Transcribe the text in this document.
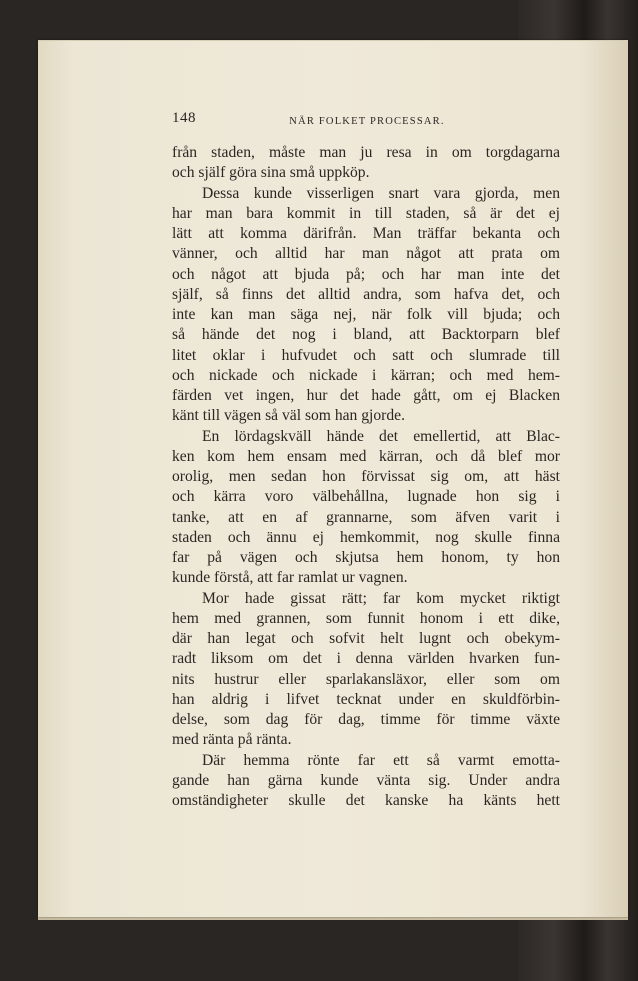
148	NÄR FOLKET PROCESSAR.
från staden, måste man ju resa in om torgdagarna
och själf göra sina små uppköp.
Dessa kunde visserligen snart vara gjorda, men
har man bara kommit in till staden, så är det ej
lätt att komma därifrån. Man träffar bekanta och
vänner, och alltid har man något att prata om
och något att bjuda på; och har man inte det
själf, så finns det alltid andra, som hafva det, och
inte kan man säga nej, när folk vill bjuda; och
så hände det nog i bland, att Backtorparn blef
litet oklar i hufvudet och satt och slumrade till
och nickade och nickade i kärran; och med hem-
färden vet ingen, hur det hade gått, om ej Blacken
känt till vägen så väl som han gjorde.
En lördagskväll hände det emellertid, att Blac-
ken kom hem ensam med kärran, och då blef mor
orolig, men sedan hon förvissat sig om, att häst
och kärra voro välbehållna, lugnade hon sig i
tanke, att en af grannarne, som äfven varit i
staden och ännu ej hemkommit, nog skulle finna
far på vägen och skjutsa hem honom, ty hon
kunde förstå, att far ramlat ur vagnen.
Mor hade gissat rätt; far kom mycket riktigt
hem med grannen, som funnit honom i ett dike,
där han legat och sofvit helt lugnt och obekym-
radt liksom om det i denna världen hvarken fun-
nits hustrur eller sparlakansläxor, eller som om
han aldrig i lifvet tecknat under en skuldförbin-
delse, som dag för dag, timme för timme växte
med ränta på ränta.
Där hemma rönte far ett så varmt emotta-
gande han gärna kunde vänta sig. Under andra
omständigheter skulle det kanske ha känts hett
